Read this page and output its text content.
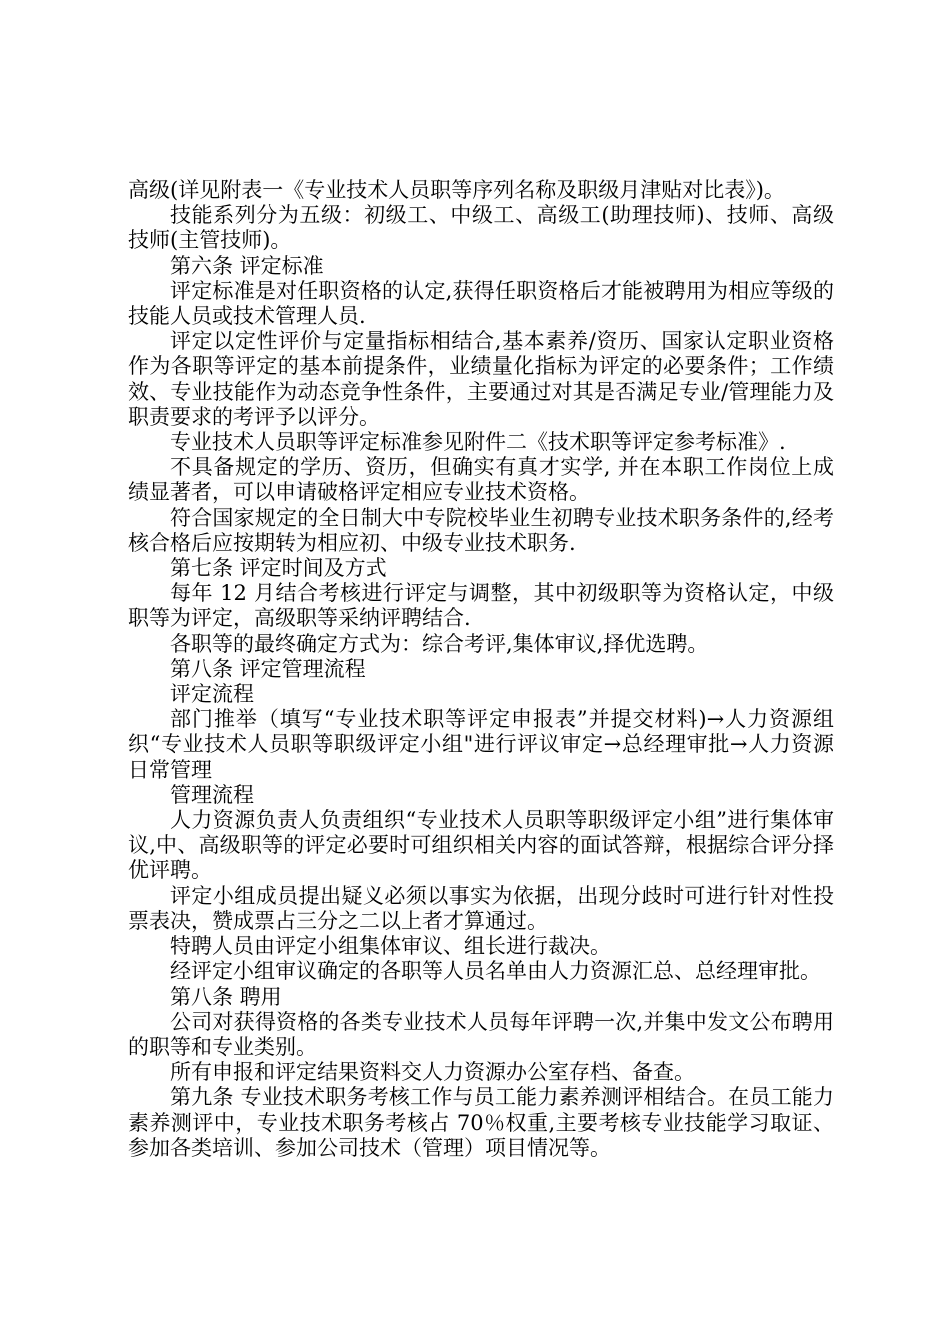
高级(详见附表一《专业技术人员职等序列名称及职级月津贴对比表》)。

技能系列分为五级：初级工、中级工、高级工(助理技师)、技师、高级技师(主管技师)。

第六条 评定标准

评定标准是对任职资格的认定,获得任职资格后才能被聘用为相应等级的技能人员或技术管理人员.

评定以定性评价与定量指标相结合,基本素养/资历、国家认定职业资格作为各职等评定的基本前提条件，业绩量化指标为评定的必要条件；工作绩效、专业技能作为动态竞争性条件，主要通过对其是否满足专业/管理能力及职责要求的考评予以评分。

专业技术人员职等评定标准参见附件二《技术职等评定参考标准》.

不具备规定的学历、资历，但确实有真才实学, 并在本职工作岗位上成绩显著者，可以申请破格评定相应专业技术资格。

符合国家规定的全日制大中专院校毕业生初聘专业技术职务条件的,经考核合格后应按期转为相应初、中级专业技术职务.

第七条 评定时间及方式

每年 12 月结合考核进行评定与调整，其中初级职等为资格认定，中级职等为评定，高级职等采纳评聘结合.

各职等的最终确定方式为：综合考评,集体审议,择优选聘。

第八条 评定管理流程

评定流程

部门推举（填写“专业技术职等评定申报表”并提交材料)→人力资源组织“专业技术人员职等职级评定小组"进行评议审定→总经理审批→人力资源日常管理

管理流程

人力资源负责人负责组织“专业技术人员职等职级评定小组”进行集体审议,中、高级职等的评定必要时可组织相关内容的面试答辩，根据综合评分择优评聘。

评定小组成员提出疑义必须以事实为依据，出现分歧时可进行针对性投票表决，赞成票占三分之二以上者才算通过。

特聘人员由评定小组集体审议、组长进行裁决。

经评定小组审议确定的各职等人员名单由人力资源汇总、总经理审批。

第八条 聘用

公司对获得资格的各类专业技术人员每年评聘一次,并集中发文公布聘用的职等和专业类别。

所有申报和评定结果资料交人力资源办公室存档、备查。

第九条 专业技术职务考核工作与员工能力素养测评相结合。在员工能力素养测评中，专业技术职务考核占 70％权重,主要考核专业技能学习取证、参加各类培训、参加公司技术（管理）项目情况等。
